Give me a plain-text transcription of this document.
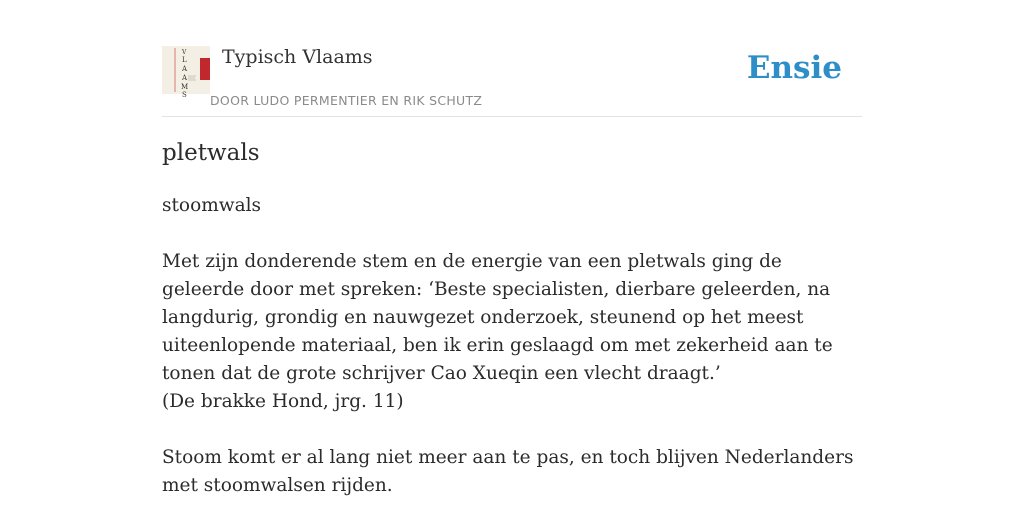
V
L
A
A
M
S
Typisch Vlaams
DOOR LUDO PERMENTIER EN RIK SCHUTZ
Ensie
pletwals

stoomwals

Met zijn donderende stem en de energie van een pletwals ging de geleerde door met spreken: ‘Beste specialisten, dierbare geleerden, na langdurig, grondig en nauwgezet onderzoek, steunend op het meest uiteenlopende materiaal, ben ik erin geslaagd om met zekerheid aan te tonen dat de grote schrijver Cao Xueqin een vlecht draagt.’

(De brakke Hond, jrg. 11)

Stoom komt er al lang niet meer aan te pas, en toch blijven Nederlanders met stoomwalsen rijden.
